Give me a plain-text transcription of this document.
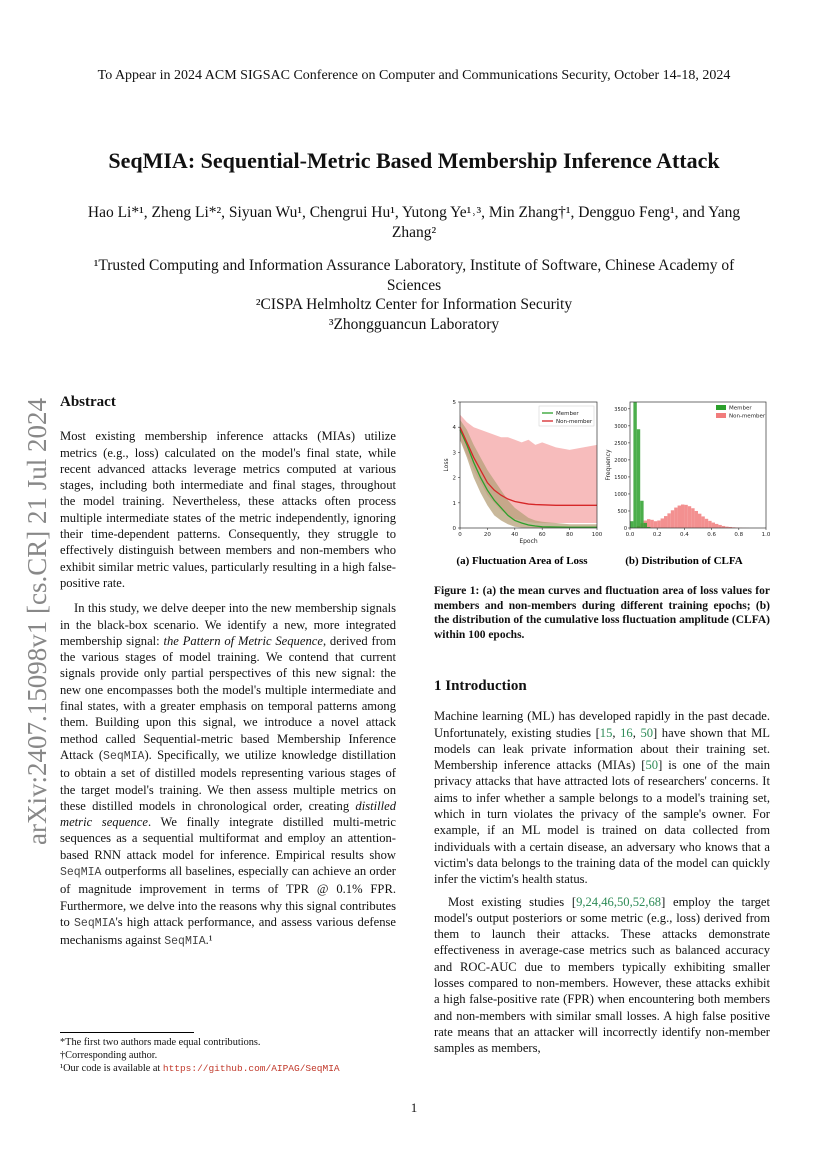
To Appear in 2024 ACM SIGSAC Conference on Computer and Communications Security, October 14-18, 2024
SeqMIA: Sequential-Metric Based Membership Inference Attack
Hao Li*¹, Zheng Li*², Siyuan Wu¹, Chengrui Hu¹, Yutong Ye¹˒³, Min Zhang†¹, Dengguo Feng¹, and Yang
Zhang²
¹Trusted Computing and Information Assurance Laboratory, Institute of Software, Chinese Academy of
Sciences
²CISPA Helmholtz Center for Information Security
³Zhongguancun Laboratory
arXiv:2407.15098v1 [cs.CR] 21 Jul 2024 Abstract

Most existing membership inference attacks (MIAs) utilize metrics (e.g., loss) calculated on the model's final state, while recent advanced attacks leverage metrics computed at various stages, including both intermediate and final stages, throughout the model training. Nevertheless, these attacks often process multiple intermediate states of the metric independently, ignoring their time-dependent patterns. Consequently, they struggle to effectively distinguish between members and non-members who exhibit similar metric values, particularly resulting in a high false-positive rate.

In this study, we delve deeper into the new membership signals in the black-box scenario. We identify a new, more integrated membership signal: the Pattern of Metric Sequence, derived from the various stages of model training. We contend that current signals provide only partial perspectives of this new signal: the new one encompasses both the model's multiple intermediate and final states, with a greater emphasis on temporal patterns among them. Building upon this signal, we introduce a novel attack method called Sequential-metric based Membership Inference Attack (SeqMIA). Specifically, we utilize knowledge distillation to obtain a set of distilled models representing various stages of the target model's training. We then assess multiple metrics on these distilled models in chronological order, creating distilled metric sequence. We finally integrate distilled multi-metric sequences as a sequential multiformat and employ an attention-based RNN attack model for inference. Empirical results show SeqMIA outperforms all baselines, especially can achieve an order of magnitude improvement in terms of TPR @ 0.1% FPR. Furthermore, we delve into the reasons why this signal contributes to SeqMIA's high attack performance, and assess various defense mechanisms against SeqMIA.¹

*The first two authors made equal contributions.
†Corresponding author.
¹Our code is available at https://github.com/AIPAG/SeqMIA
0	20	40	60	80	100
0
1
2
3
4
5
Epoch
Loss
Member
Non-member
0.0	0.2	0.4	0.6	0.8	1.0
0
500
1000
1500
2000
2500
3000
3500
Frequency
Member
Non-member
(a) Fluctuation Area of Loss	(b) Distribution of CLFA
Figure 1: (a) the mean curves and fluctuation area of loss values for members and non-members during different training epochs; (b) the distribution of the cumulative loss fluctuation amplitude (CLFA) within 100 epochs.
1 Introduction

Machine learning (ML) has developed rapidly in the past decade. Unfortunately, existing studies [15, 16, 50] have shown that ML models can leak private information about their training set. Membership inference attacks (MIAs) [50] is one of the main privacy attacks that have attracted lots of researchers' concerns. It aims to infer whether a sample belongs to a model's training set, which in turn violates the privacy of the sample's owner. For example, if an ML model is trained on data collected from individuals with a certain disease, an adversary who knows that a victim's data belongs to the training data of the model can quickly infer the victim's health status.

Most existing studies [9,24,46,50,52,68] employ the target model's output posteriors or some metric (e.g., loss) derived from them to launch their attacks. These attacks demonstrate effectiveness in average-case metrics such as balanced accuracy and ROC-AUC due to members typically exhibiting smaller losses compared to non-members. However, these attacks exhibit a high false-positive rate (FPR) when encountering both members and non-members with similar small losses. A high false positive rate means that an attacker will incorrectly identify non-member samples as members,

1
